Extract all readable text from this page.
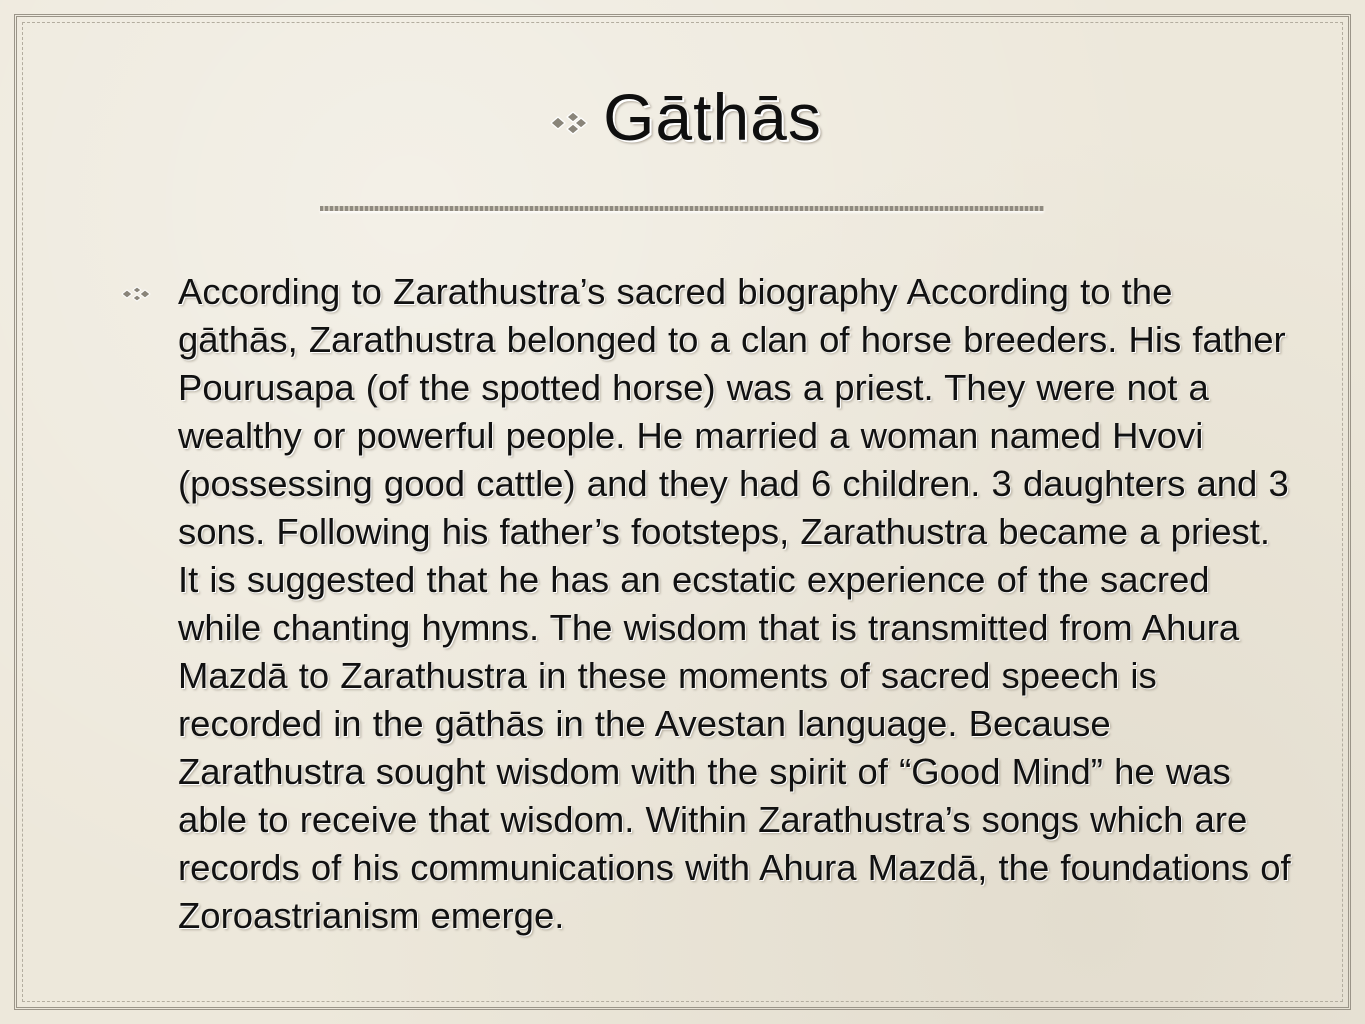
Gāthās
According to Zarathustra’s sacred biography According to the gāthās, Zarathustra belonged to a clan of horse breeders. His father Pourusapa (of the spotted horse) was a priest. They were not a wealthy or powerful people. He married a woman named Hvovi (possessing good cattle) and they had 6 children. 3 daughters and 3 sons. Following his father’s footsteps, Zarathustra became a priest. It is suggested that he has an ecstatic experience of the sacred while chanting hymns. The wisdom that is transmitted from Ahura Mazdā to Zarathustra in these moments of sacred speech is recorded in the gāthās in the Avestan language. Because Zarathustra sought wisdom with the spirit of “Good Mind” he was able to receive that wisdom. Within Zarathustra’s songs which are records of his communications with Ahura Mazdā, the foundations of Zoroastrianism emerge.
